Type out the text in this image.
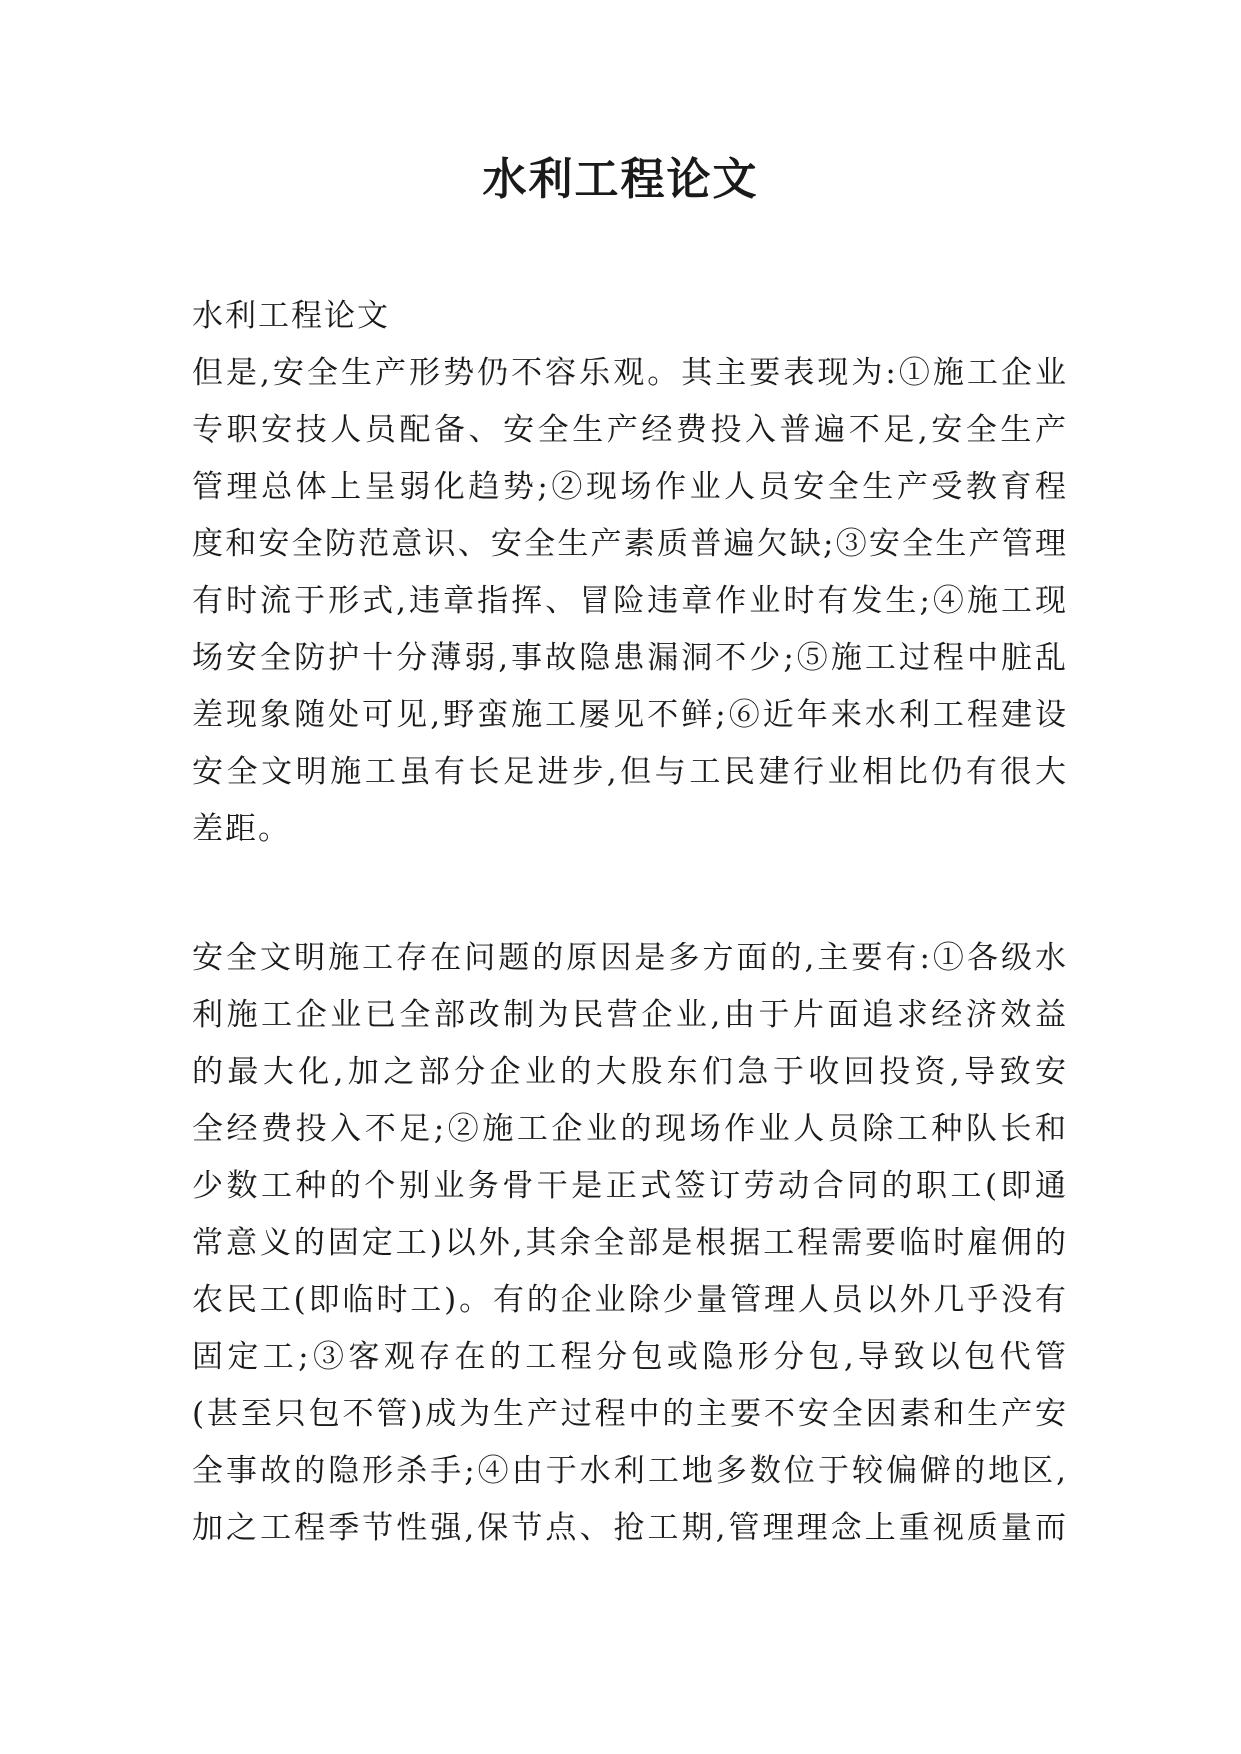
水利工程论文

水利工程论文

但是,安全生产形势仍不容乐观。其主要表现为:①施工企业
专职安技人员配备、安全生产经费投入普遍不足,安全生产
管理总体上呈弱化趋势;②现场作业人员安全生产受教育程
度和安全防范意识、安全生产素质普遍欠缺;③安全生产管理
有时流于形式,违章指挥、冒险违章作业时有发生;④施工现
场安全防护十分薄弱,事故隐患漏洞不少;⑤施工过程中脏乱
差现象随处可见,野蛮施工屡见不鲜;⑥近年来水利工程建设
安全文明施工虽有长足进步,但与工民建行业相比仍有很大
差距。

安全文明施工存在问题的原因是多方面的,主要有:①各级水
利施工企业已全部改制为民营企业,由于片面追求经济效益
的最大化,加之部分企业的大股东们急于收回投资,导致安
全经费投入不足;②施工企业的现场作业人员除工种队长和
少数工种的个别业务骨干是正式签订劳动合同的职工(即通
常意义的固定工)以外,其余全部是根据工程需要临时雇佣的
农民工(即临时工)。有的企业除少量管理人员以外几乎没有
固定工;③客观存在的工程分包或隐形分包,导致以包代管
(甚至只包不管)成为生产过程中的主要不安全因素和生产安
全事故的隐形杀手;④由于水利工地多数位于较偏僻的地区,
加之工程季节性强,保节点、抢工期,管理理念上重视质量而
